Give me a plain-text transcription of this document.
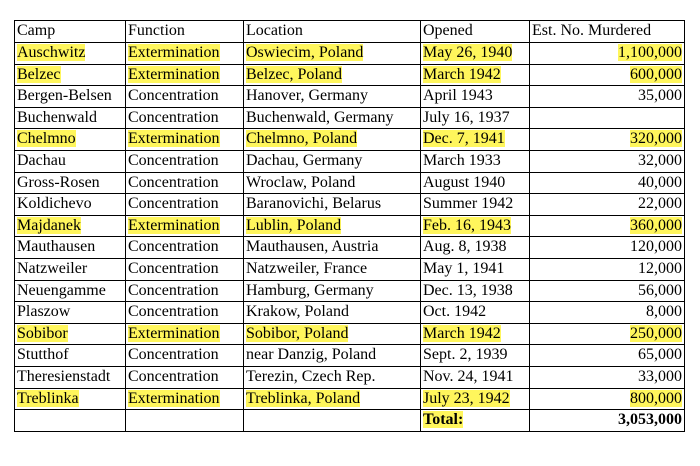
Camp	Function	Location	Opened	Est. No. Murdered
Auschwitz	Extermination	Oswiecim, Poland	May 26, 1940	1,100,000
Belzec	Extermination	Belzec, Poland	March 1942	600,000
Bergen-Belsen	Concentration	Hanover, Germany	April 1943	35,000
Buchenwald	Concentration	Buchenwald, Germany	July 16, 1937	
Chelmno	Extermination	Chelmno, Poland	Dec. 7, 1941	320,000
Dachau	Concentration	Dachau, Germany	March 1933	32,000
Gross-Rosen	Concentration	Wroclaw, Poland	August 1940	40,000
Koldichevo	Concentration	Baranovichi, Belarus	Summer 1942	22,000
Majdanek	Extermination	Lublin, Poland	Feb. 16, 1943	360,000
Mauthausen	Concentration	Mauthausen, Austria	Aug. 8, 1938	120,000
Natzweiler	Concentration	Natzweiler, France	May 1, 1941	12,000
Neuengamme	Concentration	Hamburg, Germany	Dec. 13, 1938	56,000
Plaszow	Concentration	Krakow, Poland	Oct. 1942	8,000
Sobibor	Extermination	Sobibor, Poland	March 1942	250,000
Stutthof	Concentration	near Danzig, Poland	Sept. 2, 1939	65,000
Theresienstadt	Concentration	Terezin, Czech Rep.	Nov. 24, 1941	33,000
Treblinka	Extermination	Treblinka, Poland	July 23, 1942	800,000
			Total:	3,053,000
